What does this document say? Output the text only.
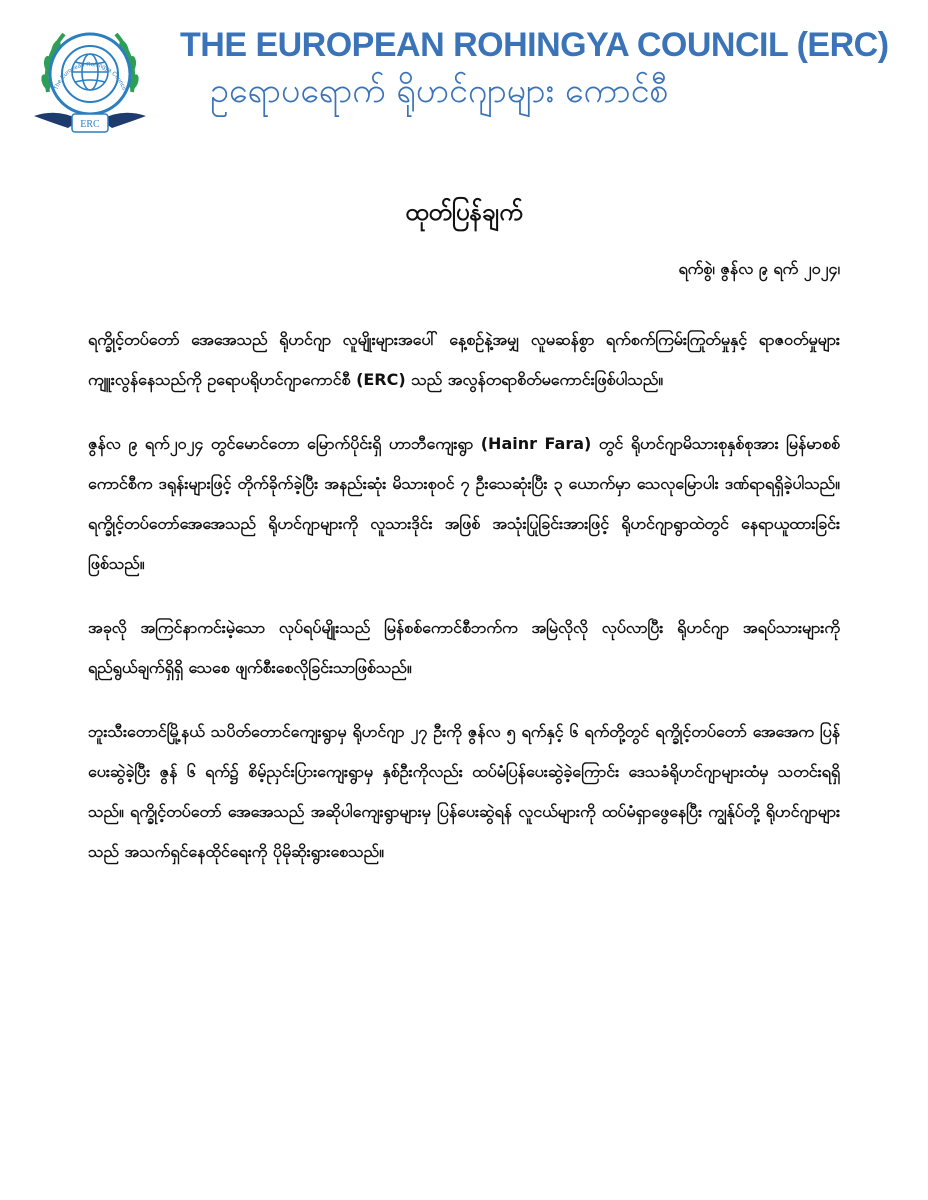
ERC
The European Rohingya Council
THE EUROPEAN ROHINGYA COUNCIL (ERC)
ဥရောပရောက် ရိုဟင်ဂျာများ ကောင်စီ
ထုတ်ပြန်ချက်
ရက်စွဲ၊ ဇွန်လ ၉ ရက် ၂၀၂၄၊

ရက္ခိုင့်တပ်တော် အေအေသည် ရိုဟင်ဂျာ လူမျိုးများအပေါ် နေ့စဉ်နဲ့အမျှ လူမဆန်စွာ ရက်စက်ကြမ်းကြုတ်မှုနှင့် ရာဇဝတ်မှုများကျူးလွန်နေသည်ကို ဥရောပရိုဟင်ဂျာကောင်စီ (ERC) သည် အလွန်တရာစိတ်မကောင်းဖြစ်ပါသည်။

ဇွန်လ ၉ ရက်၂၀၂၄ တွင်မောင်တော မြောက်ပိုင်းရှိ ဟာဘီကျေးရွာ (Hainr Fara) တွင် ရိုဟင်ဂျာမိသားစုနှစ်စုအား မြန်မာစစ်ကောင်စီက ဒရုန်းများဖြင့် တိုက်ခိုက်ခဲ့ပြီး အနည်းဆုံး မိသားစုဝင် ၇ ဦးသေဆုံးပြီး ၃ ယောက်မှာ သေလုမြောပါး ဒဏ်ရာရရှိခဲ့ပါသည်။ ရက္ခိုင့်တပ်တော်အေအေသည် ရိုဟင်ဂျာများကို လူသားဒိုင်း အဖြစ် အသုံးပြုခြင်းအားဖြင့် ရိုဟင်ဂျာရွာထဲတွင် နေရာယူထားခြင်းဖြစ်သည်။

အခုလို အကြင်နာကင်းမဲ့သော လုပ်ရပ်မျိုးသည် မြန်စစ်ကောင်စီဘက်က အမြဲလိုလို လုပ်လာပြီး ရိုဟင်ဂျာ အရပ်သားများကို ရည်ရွယ်ချက်ရှိရှိ သေစေ ဖျက်စီးစေလိုခြင်းသာဖြစ်သည်။

ဘူးသီးတောင်မြို့နယ် သပိတ်တောင်ကျေးရွာမှ ရိုဟင်ဂျာ ၂၇ ဦးကို ဇွန်လ ၅ ရက်နှင့် ၆ ရက်တို့တွင် ရက္ခိုင့်တပ်တော် အေအေက ပြန်ပေးဆွဲခဲ့ပြီး ဇွန် ၆ ရက်၌ စိမ့်ညှင်းပြားကျေးရွာမှ နှစ်ဦးကိုလည်း ထပ်မံပြန်ပေးဆွဲခဲ့ကြောင်း ဒေသခံရိုဟင်ဂျာများထံမှ သတင်းရရှိသည်။ ရက္ခိုင့်တပ်တော် အေအေသည် အဆိုပါကျေးရွာများမှ ပြန်ပေးဆွဲရန် လူငယ်များကို ထပ်မံရှာဖွေနေပြီး ကျွန်ုပ်တို့ ရိုဟင်ဂျာများ သည် အသက်ရှင်နေထိုင်ရေးကို ပိုမိုဆိုးရွားစေသည်။
